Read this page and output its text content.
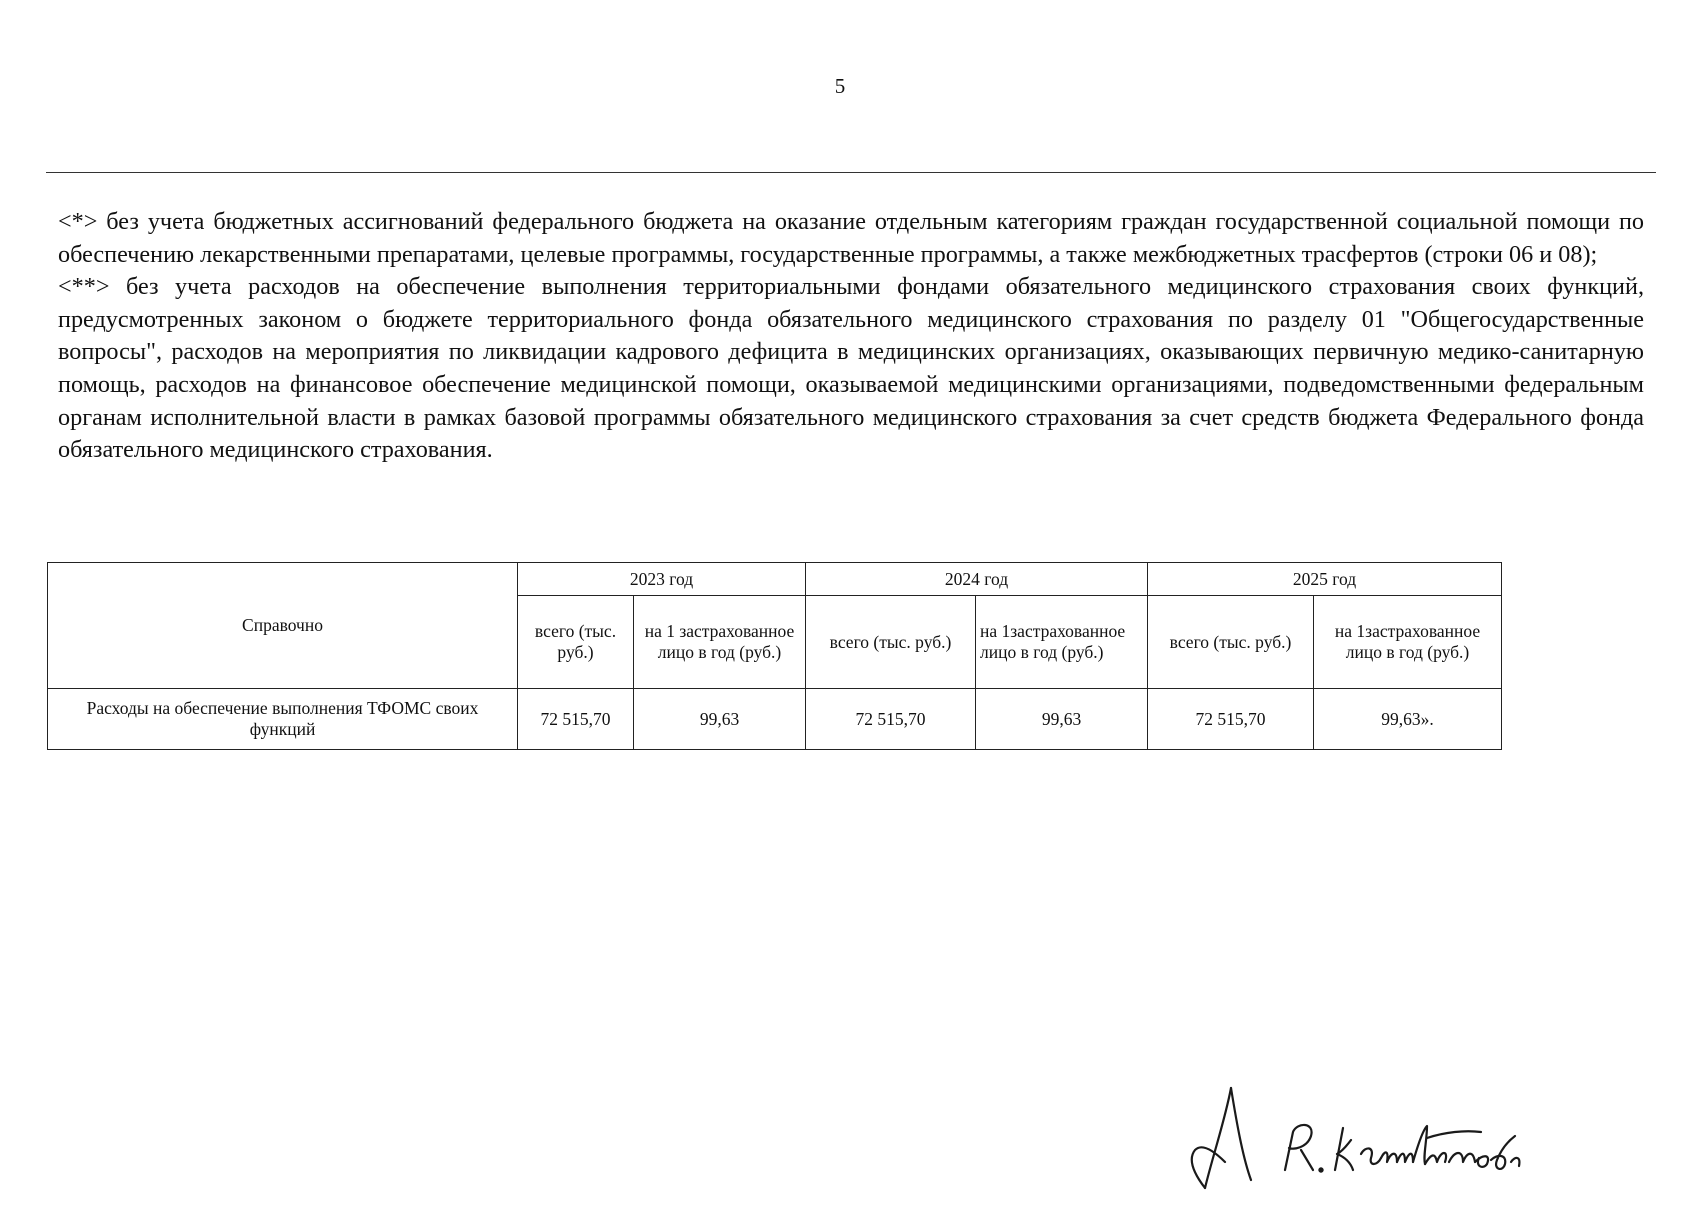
5

<*> без учета бюджетных ассигнований федерального бюджета на оказание отдельным категориям граждан государственной социальной помощи по обеспечению лекарственными препаратами, целевые программы, государственные программы, а также межбюджетных трасфертов (строки 06 и 08);

<**> без учета расходов на обеспечение выполнения территориальными фондами обязательного медицинского страхования своих функций, предусмотренных законом о бюджете территориального фонда обязательного медицинского страхования по разделу 01 "Общегосударственные вопросы", расходов на мероприятия по ликвидации кадрового дефицита в медицинских организациях, оказывающих первичную медико-санитарную помощь, расходов на финансовое обеспечение медицинской помощи, оказываемой медицинскими организациями, подведомственными федеральным органам исполнительной власти в рамках базовой программы обязательного медицинского страхования за счет средств бюджета Федерального фонда обязательного медицинского страхования.

Справочно	2023 год		2024 год		2025 год	
	всего (тыс. руб.)	на 1 застрахованное лицо в год (руб.)	всего (тыс. руб.)	на 1застрахованное лицо в год (руб.)	всего (тыс. руб.)	на 1застрахованное лицо в год (руб.)
Расходы на обеспечение выполнения ТФОМС своих функций	72 515,70	99,63	72 515,70	99,63	72 515,70	99,63».
